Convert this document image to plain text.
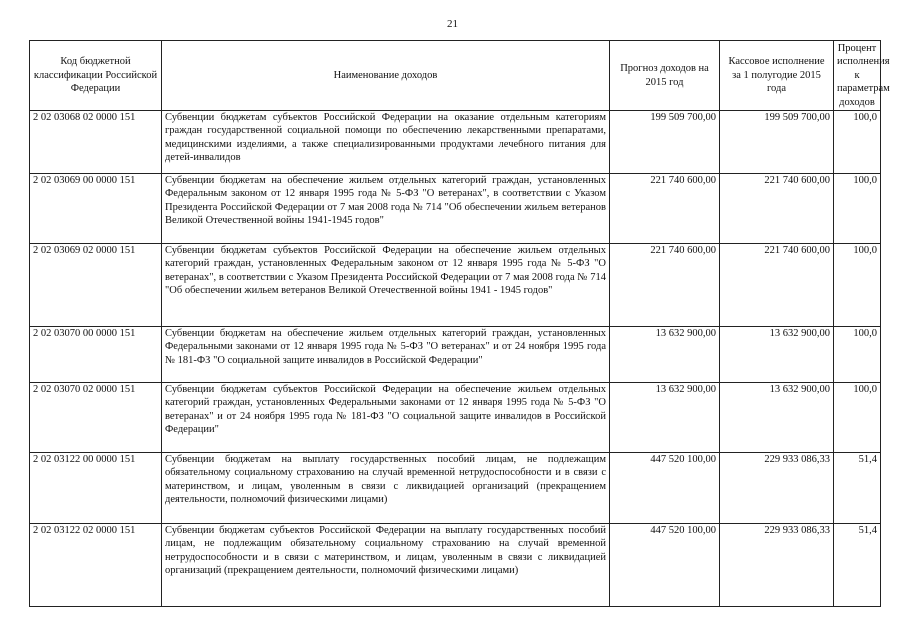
21
Код бюджетной классификации Российской Федерации	Наименование доходов	Прогноз доходов на 2015 год	Кассовое исполнение за 1 полугодие 2015 года	Процент исполнения к параметрам доходов
2 02 03068 02 0000 151	Субвенции бюджетам субъектов Российской Федерации на оказание отдельным категориям граждан государственной социальной помощи по обеспечению лекарственными препаратами, медицинскими изделиями, а также специализированными продуктами лечебного питания для детей-инвалидов	199 509 700,00	199 509 700,00	100,0
2 02 03069 00 0000 151	Субвенции бюджетам на обеспечение жильем отдельных категорий граждан, установленных Федеральным законом от 12 января 1995 года № 5-ФЗ "О ветеранах", в соответствии с Указом Президента Российской Федерации от 7 мая 2008 года № 714 "Об обеспечении жильем ветеранов Великой Отечественной войны 1941-1945 годов"	221 740 600,00	221 740 600,00	100,0
2 02 03069 02 0000 151	Субвенции бюджетам субъектов Российской Федерации на обеспечение жильем отдельных категорий граждан, установленных Федеральным законом от 12 января 1995 года № 5-ФЗ "О ветеранах", в соответствии с Указом Президента Российской Федерации от 7 мая 2008 года № 714 "Об обеспечении жильем ветеранов Великой Отечественной войны 1941 - 1945 годов"	221 740 600,00	221 740 600,00	100,0
2 02 03070 00 0000 151	Субвенции бюджетам на обеспечение жильем отдельных категорий граждан, установленных Федеральными законами от 12 января 1995 года № 5-ФЗ "О ветеранах" и от 24 ноября 1995 года № 181-ФЗ "О социальной защите инвалидов в Российской Федерации"	13 632 900,00	13 632 900,00	100,0
2 02 03070 02 0000 151	Субвенции бюджетам субъектов Российской Федерации на обеспечение жильем отдельных категорий граждан, установленных Федеральными законами от 12 января 1995 года № 5-ФЗ "О ветеранах" и от 24 ноября 1995 года № 181-ФЗ "О социальной защите инвалидов в Российской Федерации"	13 632 900,00	13 632 900,00	100,0
2 02 03122 00 0000 151	Субвенции бюджетам на выплату государственных пособий лицам, не подлежащим обязательному социальному страхованию на случай временной нетрудоспособности и в связи с материнством, и лицам, уволенным в связи с ликвидацией организаций (прекращением деятельности, полномочий физическими лицами)	447 520 100,00	229 933 086,33	51,4
2 02 03122 02 0000 151	Субвенции бюджетам субъектов Российской Федерации на выплату государственных пособий лицам, не подлежащим обязательному социальному страхованию на случай временной нетрудоспособности и в связи с материнством, и лицам, уволенным в связи с ликвидацией организаций (прекращением деятельности, полномочий физическими лицами)	447 520 100,00	229 933 086,33	51,4
